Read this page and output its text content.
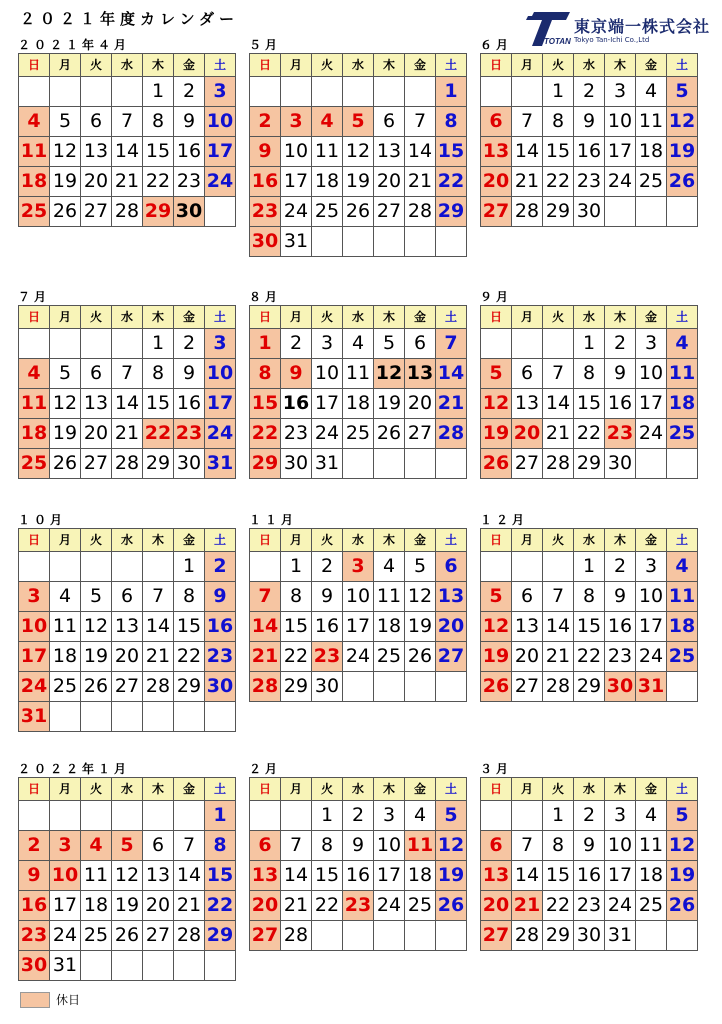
２０２１年度カレンダー
TOTAN
東京端一株式会社
Tokyo Tan-Ichi Co.,Ltd
２０２１年４月
日	月	火	水	木	金	土
				1	2	3
4	5	6	7	8	9	10
11	12	13	14	15	16	17
18	19	20	21	22	23	24
25	26	27	28	29	30	
５月
日	月	火	水	木	金	土
						1
2	3	4	5	6	7	8
9	10	11	12	13	14	15
16	17	18	19	20	21	22
23	24	25	26	27	28	29
30	31					
６月
日	月	火	水	木	金	土
		1	2	3	4	5
6	7	8	9	10	11	12
13	14	15	16	17	18	19
20	21	22	23	24	25	26
27	28	29	30			
７月
日	月	火	水	木	金	土
				1	2	3
4	5	6	7	8	9	10
11	12	13	14	15	16	17
18	19	20	21	22	23	24
25	26	27	28	29	30	31
８月
日	月	火	水	木	金	土
1	2	3	4	5	6	7
8	9	10	11	12	13	14
15	16	17	18	19	20	21
22	23	24	25	26	27	28
29	30	31				
９月
日	月	火	水	木	金	土
			1	2	3	4
5	6	7	8	9	10	11
12	13	14	15	16	17	18
19	20	21	22	23	24	25
26	27	28	29	30		
１０月
日	月	火	水	木	金	土
					1	2
3	4	5	6	7	8	9
10	11	12	13	14	15	16
17	18	19	20	21	22	23
24	25	26	27	28	29	30
31						
１１月
日	月	火	水	木	金	土
	1	2	3	4	5	6
7	8	9	10	11	12	13
14	15	16	17	18	19	20
21	22	23	24	25	26	27
28	29	30				
１２月
日	月	火	水	木	金	土
			1	2	3	4
5	6	7	8	9	10	11
12	13	14	15	16	17	18
19	20	21	22	23	24	25
26	27	28	29	30	31	
２０２２年１月
日	月	火	水	木	金	土
						1
2	3	4	5	6	7	8
9	10	11	12	13	14	15
16	17	18	19	20	21	22
23	24	25	26	27	28	29
30	31					
２月
日	月	火	水	木	金	土
		1	2	3	4	5
6	7	8	9	10	11	12
13	14	15	16	17	18	19
20	21	22	23	24	25	26
27	28					
３月
日	月	火	水	木	金	土
		1	2	3	4	5
6	7	8	9	10	11	12
13	14	15	16	17	18	19
20	21	22	23	24	25	26
27	28	29	30	31		
休日
